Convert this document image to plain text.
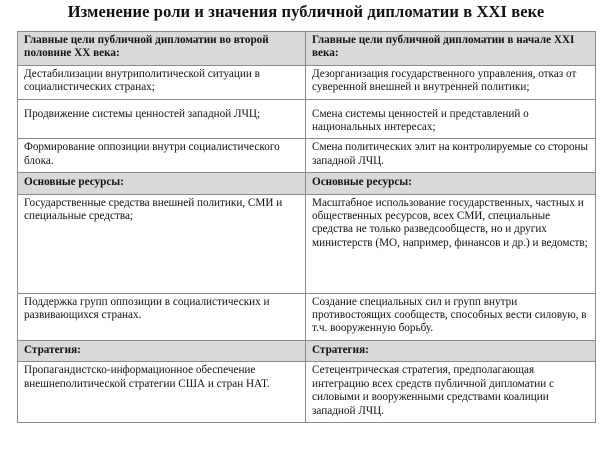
Изменение роли и значения публичной дипломатии в XXI веке
Главные цели публичной дипломатии во второй половине XX века:	Главные цели публичной дипломатии в начале XXI века:
Дестабилизации внутриполитической ситуации в социалистических странах;	Дезорганизация государственного управления, отказ от суверенной внешней и внутренней политики;
Продвижение системы ценностей западной ЛЧЦ;	Смена системы ценностей и представлений о национальных интересах;
Формирование оппозиции внутри социалистического блока.	Смена политических элит на контролируемые со стороны западной ЛЧЦ.
Основные ресурсы:	Основные ресурсы:
Государственные средства внешней политики, СМИ и специальные средства;	Масштабное использование государственных, частных и общественных ресурсов, всех СМИ, специальные средства не только разведсообществ, но и других министерств (МО, например, финансов и др.) и ведомств;
Поддержка групп оппозиции в социалистических и развивающихся странах.	Создание специальных сил и групп внутри противостоящих сообществ, способных вести силовую, в т.ч. вооруженную борьбу.
Стратегия:	Стратегия:
Пропагандистско-информационное обеспечение внешнеполитической стратегии США и стран НАТ.	Сетецентрическая стратегия, предполагающая интеграцию всех средств публичной дипломатии с силовыми и вооруженными средствами коалиции западной ЛЧЦ.
